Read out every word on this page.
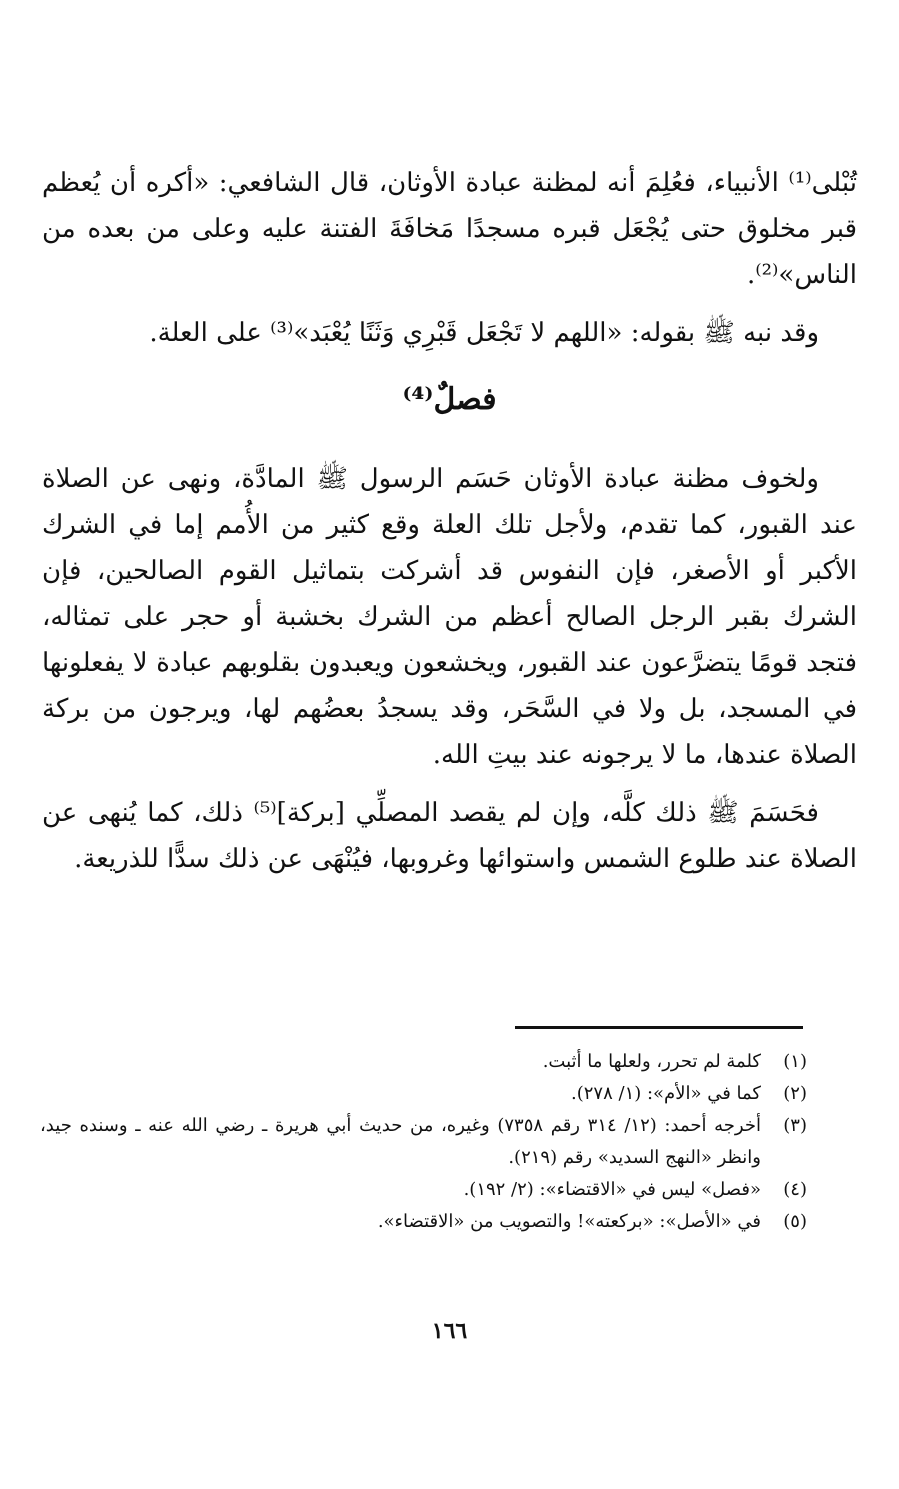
تُبْلى⁽¹⁾ الأنبياء، فعُلِمَ أنه لمظنة عبادة الأوثان، قال الشافعي: «أكره أن يُعظم قبر مخلوق حتى يُجْعَل قبره مسجدًا مَخافَةَ الفتنة عليه وعلى من بعده من الناس»⁽²⁾.

وقد نبه ﷺ بقوله: «اللهم لا تَجْعَل قَبْرِي وَثَنًا يُعْبَد»⁽³⁾ على العلة.

فصلٌ⁽⁴⁾

ولخوف مظنة عبادة الأوثان حَسَم الرسول ﷺ المادَّة، ونهى عن الصلاة عند القبور، كما تقدم، ولأجل تلك العلة وقع كثير من الأُمم إما في الشرك الأكبر أو الأصغر، فإن النفوس قد أشركت بتماثيل القوم الصالحين، فإن الشرك بقبر الرجل الصالح أعظم من الشرك بخشبة أو حجر على تمثاله، فتجد قومًا يتضرَّعون عند القبور، ويخشعون ويعبدون بقلوبهم عبادة لا يفعلونها في المسجد، بل ولا في السَّحَر، وقد يسجدُ بعضُهم لها، ويرجون من بركة الصلاة عندها، ما لا يرجونه عند بيتِ الله.

فحَسَمَ ﷺ ذلك كلَّه، وإن لم يقصد المصلِّي [بركة]⁽⁵⁾ ذلك، كما يُنهى عن الصلاة عند طلوع الشمس واستوائها وغروبها، فيُنْهَى عن ذلك سدًّا للذريعة.

(١)
كلمة لم تحرر، ولعلها ما أثبت.
(٢)
كما في «الأم»: (١/ ٢٧٨).
(٣)
أخرجه أحمد: (١٢/ ٣١٤ رقم ٧٣٥٨) وغيره، من حديث أبي هريرة ـ رضي الله عنه ـ وسنده جيد، وانظر «النهج السديد» رقم (٢١٩).
(٤)
«فصل» ليس في «الاقتضاء»: (٢/ ١٩٢).
(٥)
في «الأصل»: «بركعته»! والتصويب من «الاقتضاء».
١٦٦
